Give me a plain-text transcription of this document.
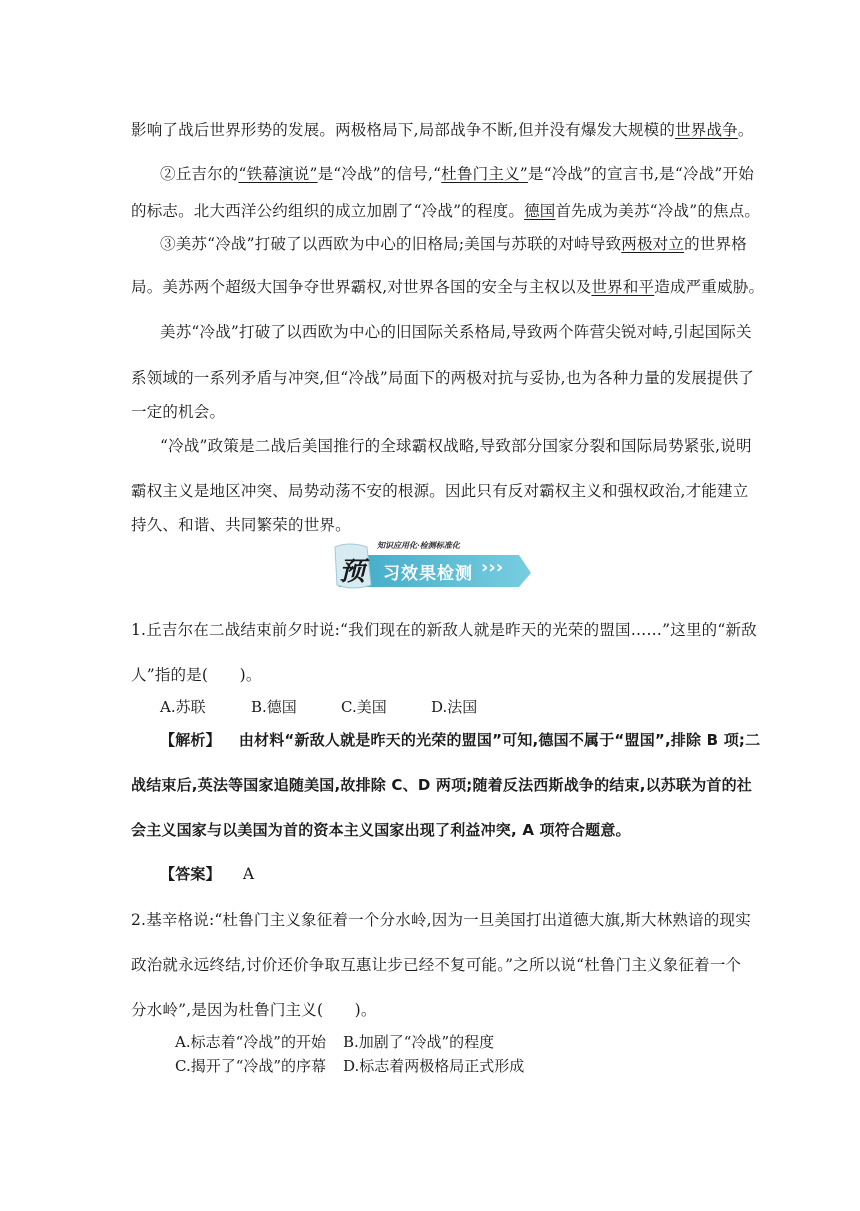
影响了战后世界形势的发展。两极格局下,局部战争不断,但并没有爆发大规模的世界战争。
②丘吉尔的“铁幕演说”是“冷战”的信号,“杜鲁门主义”是“冷战”的宣言书,是“冷战”开始
的标志。北大西洋公约组织的成立加剧了“冷战”的程度。德国首先成为美苏“冷战”的焦点。
③美苏“冷战”打破了以西欧为中心的旧格局;美国与苏联的对峙导致两极对立的世界格
局。美苏两个超级大国争夺世界霸权,对世界各国的安全与主权以及世界和平造成严重威胁。
美苏“冷战”打破了以西欧为中心的旧国际关系格局,导致两个阵营尖锐对峙,引起国际关
系领域的一系列矛盾与冲突,但“冷战”局面下的两极对抗与妥协,也为各种力量的发展提供了
一定的机会。
“冷战”政策是二战后美国推行的全球霸权战略,导致部分国家分裂和国际局势紧张,说明
霸权主义是地区冲突、局势动荡不安的根源。因此只有反对霸权主义和强权政治,才能建立
持久、和谐、共同繁荣的世界。
预
知识应用化·检测标准化
习效果检测 ›››
1.丘吉尔在二战结束前夕时说:“我们现在的新敌人就是昨天的光荣的盟国……”这里的“新敌
人”指的是(　　)。
A.苏联	B.德国	C.美国	D.法国
【解析】 由材料“新敌人就是昨天的光荣的盟国”可知,德国不属于“盟国”,排除 B 项;二
战结束后,英法等国家追随美国,故排除 C、D 两项;随着反法西斯战争的结束,以苏联为首的社
会主义国家与以美国为首的资本主义国家出现了利益冲突, A 项符合题意。
【答案】 A
2.基辛格说:“杜鲁门主义象征着一个分水岭,因为一旦美国打出道德大旗,斯大林熟谙的现实
政治就永远终结,讨价还价争取互惠让步已经不复可能。”之所以说“杜鲁门主义象征着一个
分水岭”,是因为杜鲁门主义(　　)。
A.标志着“冷战”的开始 B.加剧了“冷战”的程度
C.揭开了“冷战”的序幕 D.标志着两极格局正式形成
